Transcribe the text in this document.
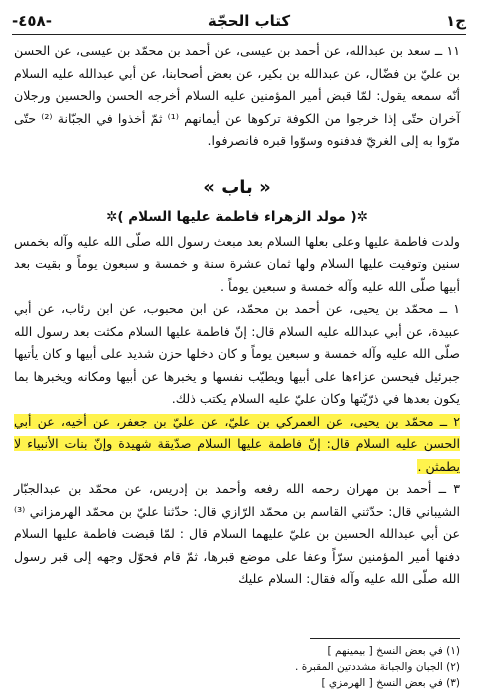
ج١
كتاب الحجّة
-٤٥٨-

١١ ــ سعد بن عبدالله، عن أحمد بن عيسى، عن أحمد بن محمّد بن عيسى، عن الحسن بن عليّ بن فضّال، عن عبدالله بن بكير، عن بعض أصحابنا، عن أبي عبدالله عليه السلام أنّه سمعه يقول: لمّا قبض أمير المؤمنين عليه السلام أخرجه الحسن والحسين ورجلان آخران حتّى إذا خرجوا من الكوفة تركوها عن أيمانهم ⁽¹⁾ ثمّ أخذوا في الجبّانة ⁽²⁾ حتّى مرّوا به إلى الغريّ فدفنوه وسوّوا قبره فانصرفوا.

« باب »
✲( مولد الزهراء فاطمة عليها السلام )✲

ولدت فاطمة عليها وعلى بعلها السلام بعد مبعث رسول الله صلّى الله عليه وآله بخمس سنين وتوفيت عليها السلام ولها ثمان عشرة سنة و خمسة و سبعون يوماً و بقيت بعد أبيها صلّى الله عليه وآله خمسة و سبعين يوماً .

١ ــ محمّد بن يحيى، عن أحمد بن محمّد، عن ابن محبوب، عن ابن رئاب، عن أبي عبيدة، عن أبي عبدالله عليه السلام قال: إنّ فاطمة عليها السلام مكثت بعد رسول الله صلّى الله عليه وآله خمسة و سبعين يوماً و كان دخلها حزن شديد على أبيها و كان يأتيها جبرئيل فيحسن عزاءها على أبيها ويطيّب نفسها و يخبرها عن أبيها ومكانه ويخبرها بما يكون بعدها في ذرّيّتها وكان عليّ عليه السلام يكتب ذلك.

٢ ــ محمّد بن يحيى، عن العمركي بن عليّ، عن عليّ بن جعفر، عن أخيه، عن أبي الحسن عليه السلام قال: إنّ فاطمة عليها السلام صدّيقة شهيدة وإنّ بنات الأنبياء لا يطمثن .

٣ ــ أحمد بن مهران رحمه الله رفعه وأحمد بن إدريس، عن محمّد بن عبدالجبّار الشيباني قال: حدّثني القاسم بن محمّد الرّازي قال: حدّثنا عليّ بن محمّد الهرمزاني ⁽³⁾ عن أبي عبدالله الحسين بن عليّ عليهما السلام قال : لمّا قبضت فاطمة عليها السلام دفنها أمير المؤمنين سرّاً وعفا على موضع قبرها، ثمّ قام فحوّل وجهه إلى قبر رسول الله صلّى الله عليه وآله فقال: السلام عليك

(١) في بعض النسخ [ بيمينهم ]

(٢) الجبان والجبانة مشددتين المقبرة .

(٣) في بعض النسخ [ الهرمزي ]
